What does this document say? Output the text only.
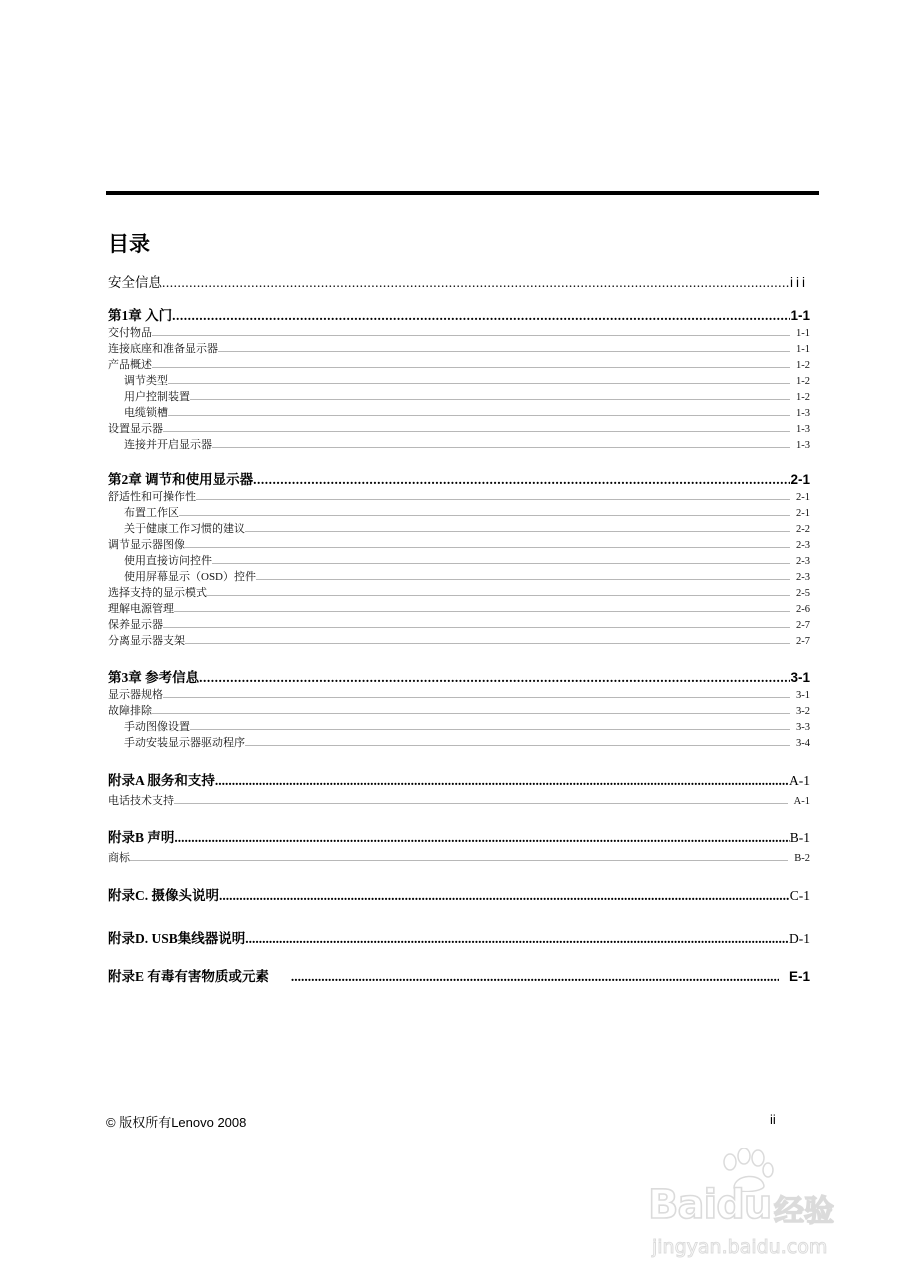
目录
安全信息 .....	iii
第1章 入门 .....	1-1
交付物品 .....	1-1
连接底座和准备显示器 .....	1-1
产品概述 .....	1-2
调节类型 .....	1-2
用户控制装置 .....	1-2
电缆锁槽 .....	1-3
设置显示器 .....	1-3
连接并开启显示器 .....	1-3
第2章 调节和使用显示器 .....	2-1
舒适性和可操作性 .....	2-1
布置工作区 .....	2-1
关于健康工作习惯的建议 .....	2-2
调节显示器图像 .....	2-3
使用直接访问控件 .....	2-3
使用屏幕显示（OSD）控件 .....	2-3
选择支持的显示模式 .....	2-5
理解电源管理 .....	2-6
保养显示器 .....	2-7
分离显示器支架 .....	2-7
第3章 参考信息 .....	3-1
显示器规格 .....	3-1
故障排除 .....	3-2
手动图像设置 .....	3-3
手动安装显示器驱动程序 .....	3-4
附录A 服务和支持 .....	A-1
电话技术支持 .....	A-1
附录B 声明 .....	B-1
商标 .....	B-2
附录C. 摄像头说明 .....	C-1
附录D. USB集线器说明 .....	D-1
附录E 有毒有害物质或元素 .....	E-1
© 版权所有Lenovo 2008	ii
Baidu 经验
jingyan.baidu.com
